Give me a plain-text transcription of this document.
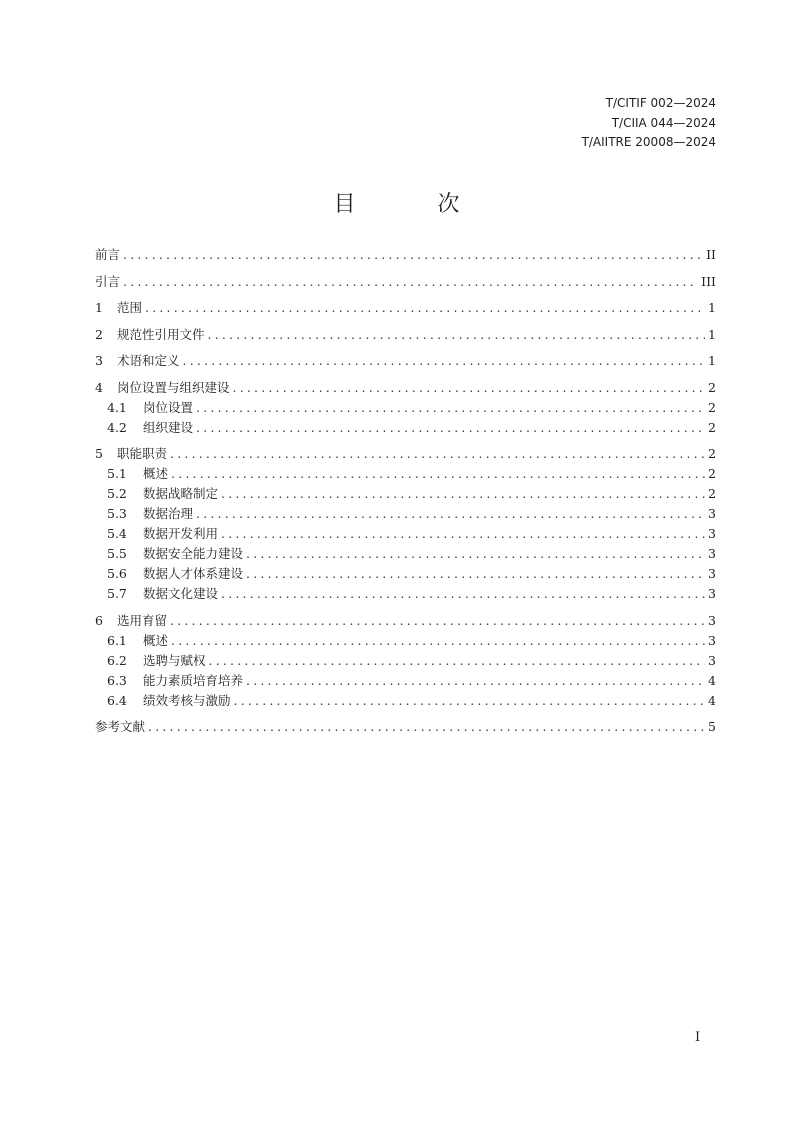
T/CITIF 002—2024
T/CIIA 044—2024
T/AIITRE 20008—2024
目　次
前言 .....	II
引言 .....	III
1	范围 .....	1
2	规范性引用文件 .....	1
3	术语和定义 .....	1
4	岗位设置与组织建设 .....	2
4.1	岗位设置 .....	2
4.2	组织建设 .....	2
5	职能职责 .....	2
5.1	概述 .....	2
5.2	数据战略制定 .....	2
5.3	数据治理 .....	3
5.4	数据开发利用 .....	3
5.5	数据安全能力建设 .....	3
5.6	数据人才体系建设 .....	3
5.7	数据文化建设 .....	3
6	选用育留 .....	3
6.1	概述 .....	3
6.2	选聘与赋权 .....	3
6.3	能力素质培育培养 .....	4
6.4	绩效考核与激励 .....	4
参考文献 .....	5
I
